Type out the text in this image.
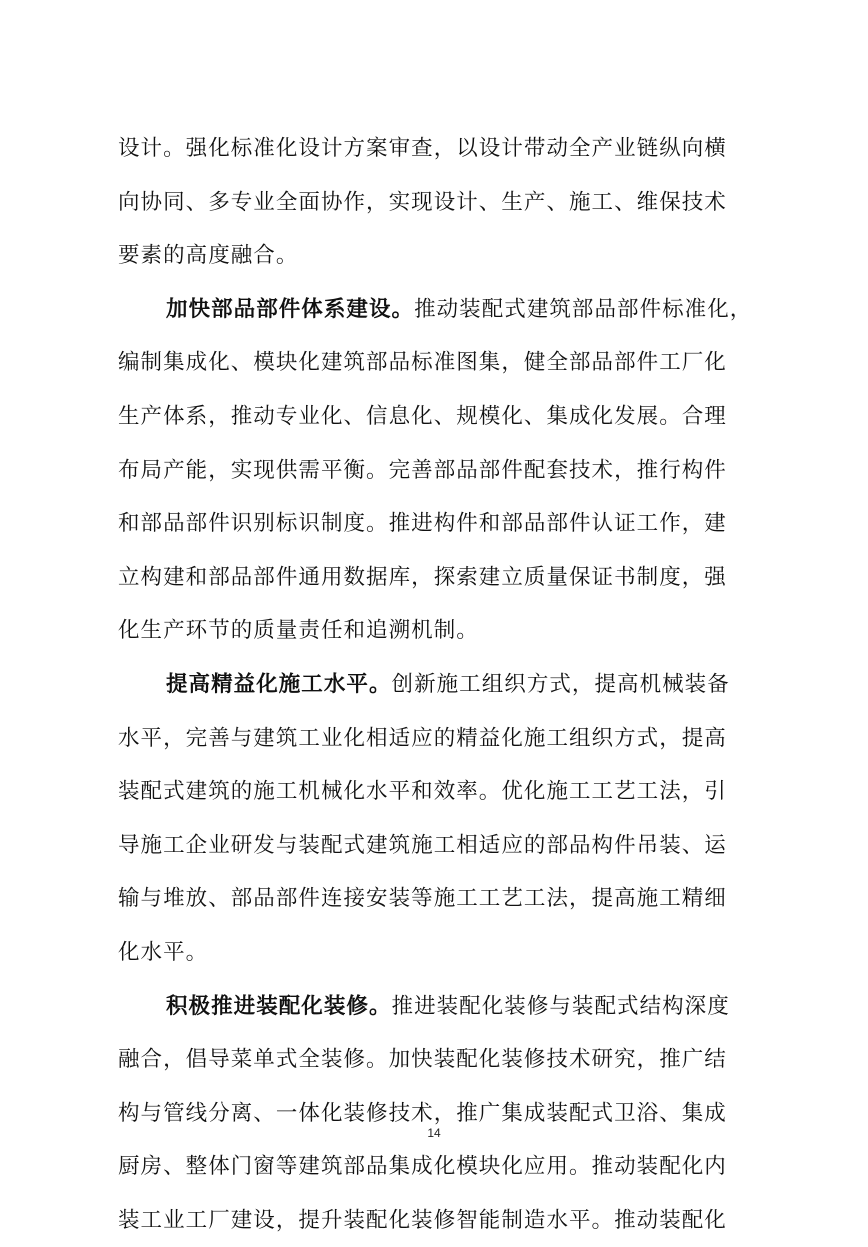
设计。强化标准化设计方案审查，以设计带动全产业链纵向横
向协同、多专业全面协作，实现设计、生产、施工、维保技术
要素的高度融合。
加快部品部件体系建设。推动装配式建筑部品部件标准化，
编制集成化、模块化建筑部品标准图集，健全部品部件工厂化
生产体系，推动专业化、信息化、规模化、集成化发展。合理
布局产能，实现供需平衡。完善部品部件配套技术，推行构件
和部品部件识别标识制度。推进构件和部品部件认证工作，建
立构建和部品部件通用数据库，探索建立质量保证书制度，强
化生产环节的质量责任和追溯机制。
提高精益化施工水平。创新施工组织方式，提高机械装备
水平，完善与建筑工业化相适应的精益化施工组织方式，提高
装配式建筑的施工机械化水平和效率。优化施工工艺工法，引
导施工企业研发与装配式建筑施工相适应的部品构件吊装、运
输与堆放、部品部件连接安装等施工工艺工法，提高施工精细
化水平。
积极推进装配化装修。推进装配化装修与装配式结构深度
融合，倡导菜单式全装修。加快装配化装修技术研究，推广结
构与管线分离、一体化装修技术，推广集成装配式卫浴、集成
厨房、整体门窗等建筑部品集成化模块化应用。推动装配化内
装工业工厂建设，提升装配化装修智能制造水平。推动装配化
14
